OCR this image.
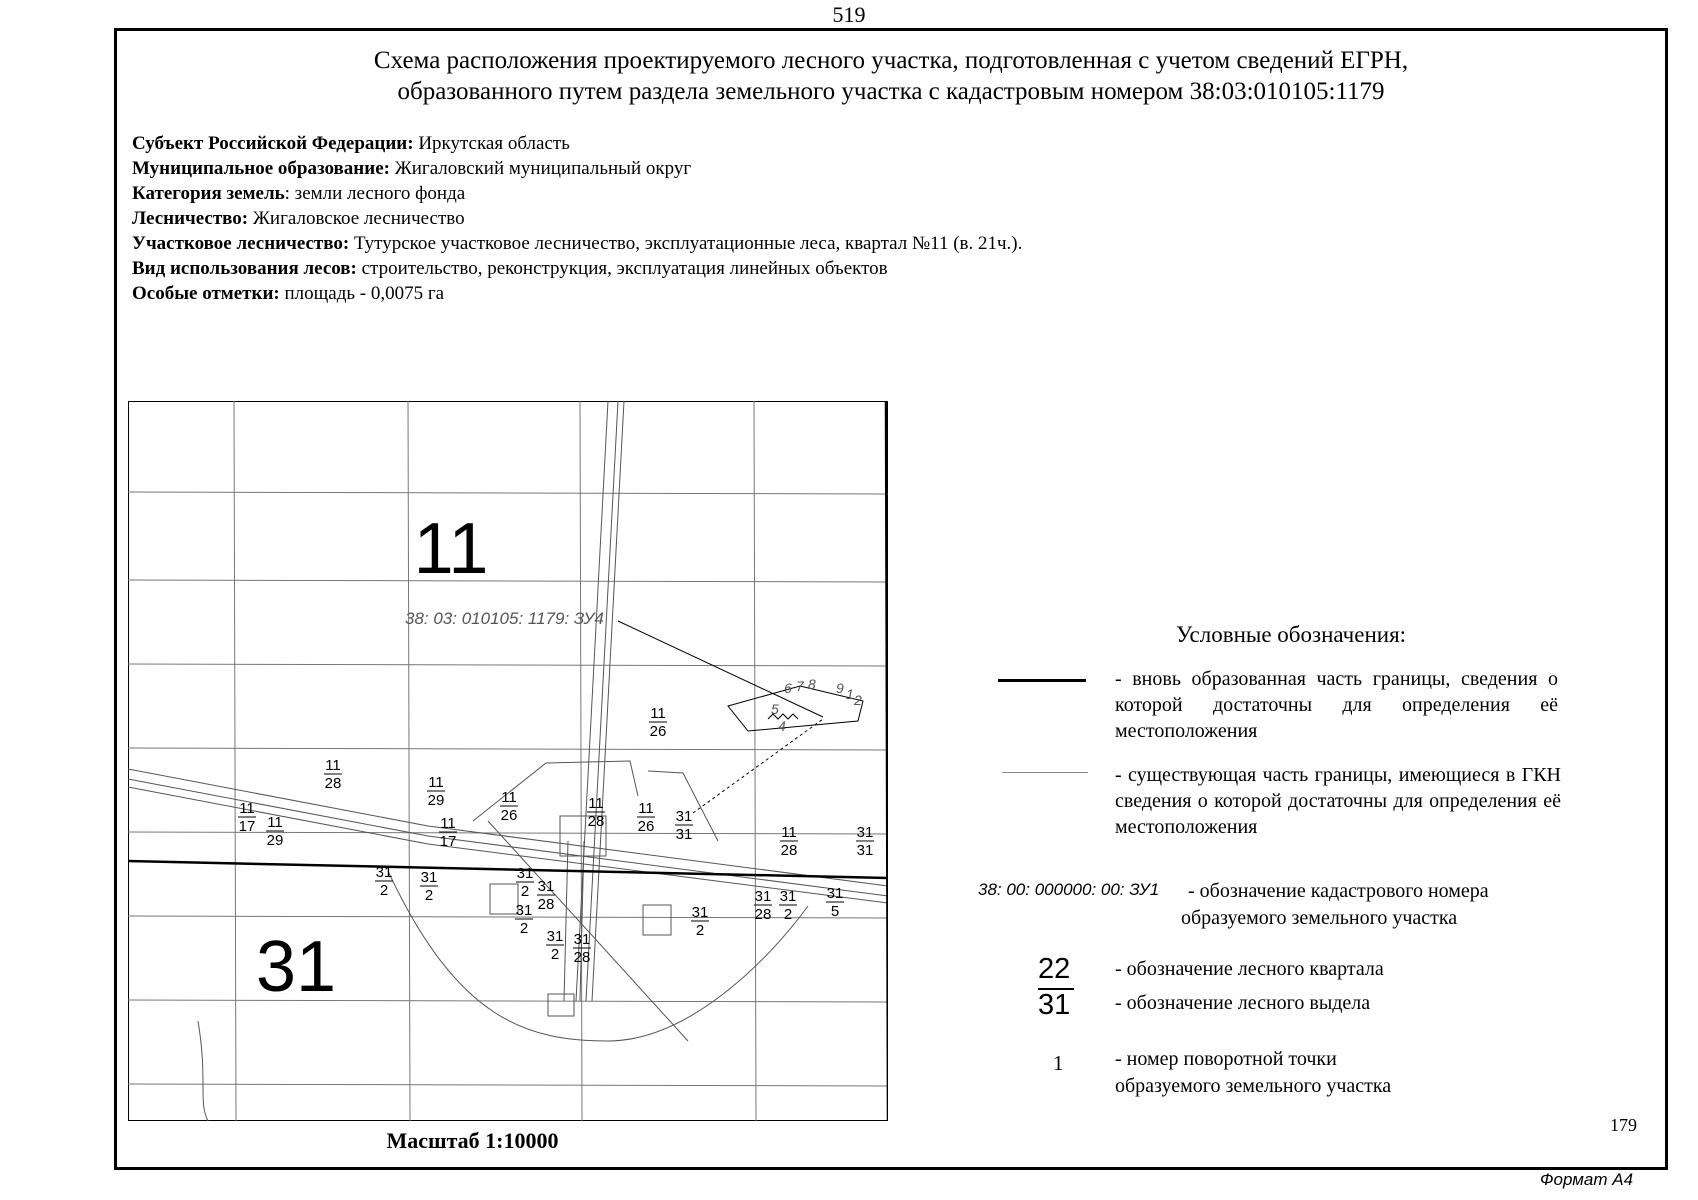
519
Схема расположения проектируемого лесного участка, подготовленная с учетом сведений ЕГРН,
образованного путем раздела земельного участка с кадастровым номером 38:03:010105:1179
Субъект Российской Федерации: Иркутская область
Муниципальное образование: Жигаловский муниципальный округ
Категория земель: земли лесного фонда
Лесничество: Жигаловское лесничество
Участковое лесничество: Тутурское участковое лесничество, эксплуатационные леса, квартал №11 (в. 21ч.).
Вид использования лесов: строительство, реконструкция, эксплуатация линейных объектов
Особые отметки: площадь - 0,0075 га
11
31
38: 03: 010105: 1179: ЗУ4
6 7 8 9 1 2
5
4
11
26
11
28	11
29	11
26
11
28
11
26
11
17 11
29
11
17
31
31	11
28
31
31
31
2
31
2
31
2 31
28
31
2
31
28
31
2
31
5
31
2
31
2
31
28
Масштаб 1:10000
Условные обозначения:
- вновь образованная часть границы, сведения о которой достаточны для определения её местоположения
- существующая часть границы, имеющиеся в ГКН сведения о которой достаточны для определения её местоположения
38: 00: 000000: 00: ЗУ1 - обозначение кадастрового номера
образуемого земельного участка
22 - обозначение лесного квартала
31 - обозначение лесного выдела
1	- номер поворотной точки
образуемого земельного участка
179
Формат А4
